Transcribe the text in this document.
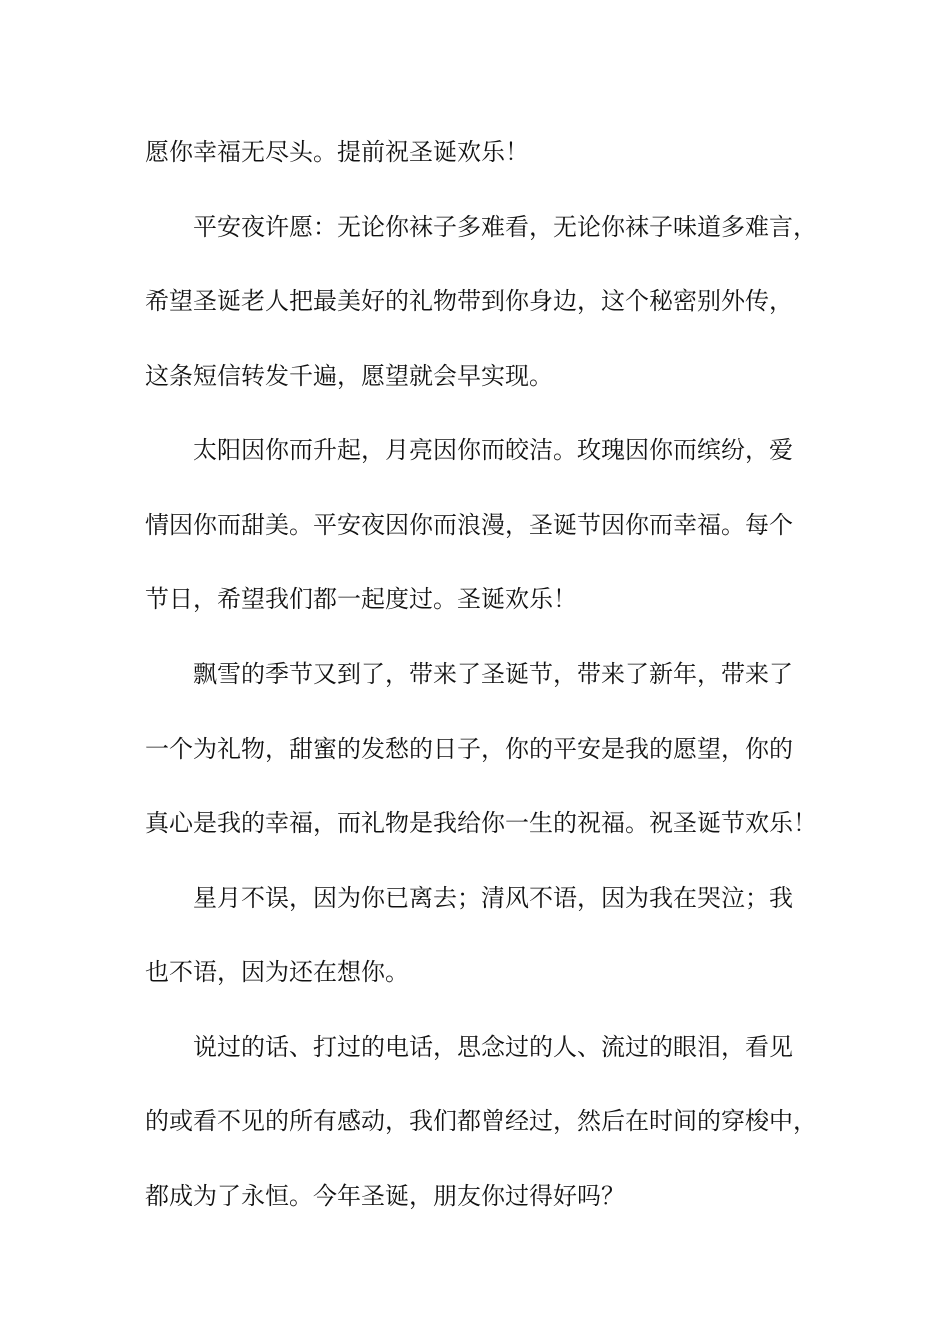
愿你幸福无尽头。提前祝圣诞欢乐！
平安夜许愿：无论你袜子多难看，无论你袜子味道多难言，
希望圣诞老人把最美好的礼物带到你身边，这个秘密别外传，
这条短信转发千遍，愿望就会早实现。
太阳因你而升起，月亮因你而皎洁。玫瑰因你而缤纷，爱
情因你而甜美。平安夜因你而浪漫，圣诞节因你而幸福。每个
节日，希望我们都一起度过。圣诞欢乐！
飘雪的季节又到了，带来了圣诞节，带来了新年，带来了
一个为礼物，甜蜜的发愁的日子，你的平安是我的愿望，你的
真心是我的幸福，而礼物是我给你一生的祝福。祝圣诞节欢乐！
星月不误，因为你已离去；清风不语，因为我在哭泣；我
也不语，因为还在想你。
说过的话、打过的电话，思念过的人、流过的眼泪，看见
的或看不见的所有感动，我们都曾经过，然后在时间的穿梭中，
都成为了永恒。今年圣诞，朋友你过得好吗？
